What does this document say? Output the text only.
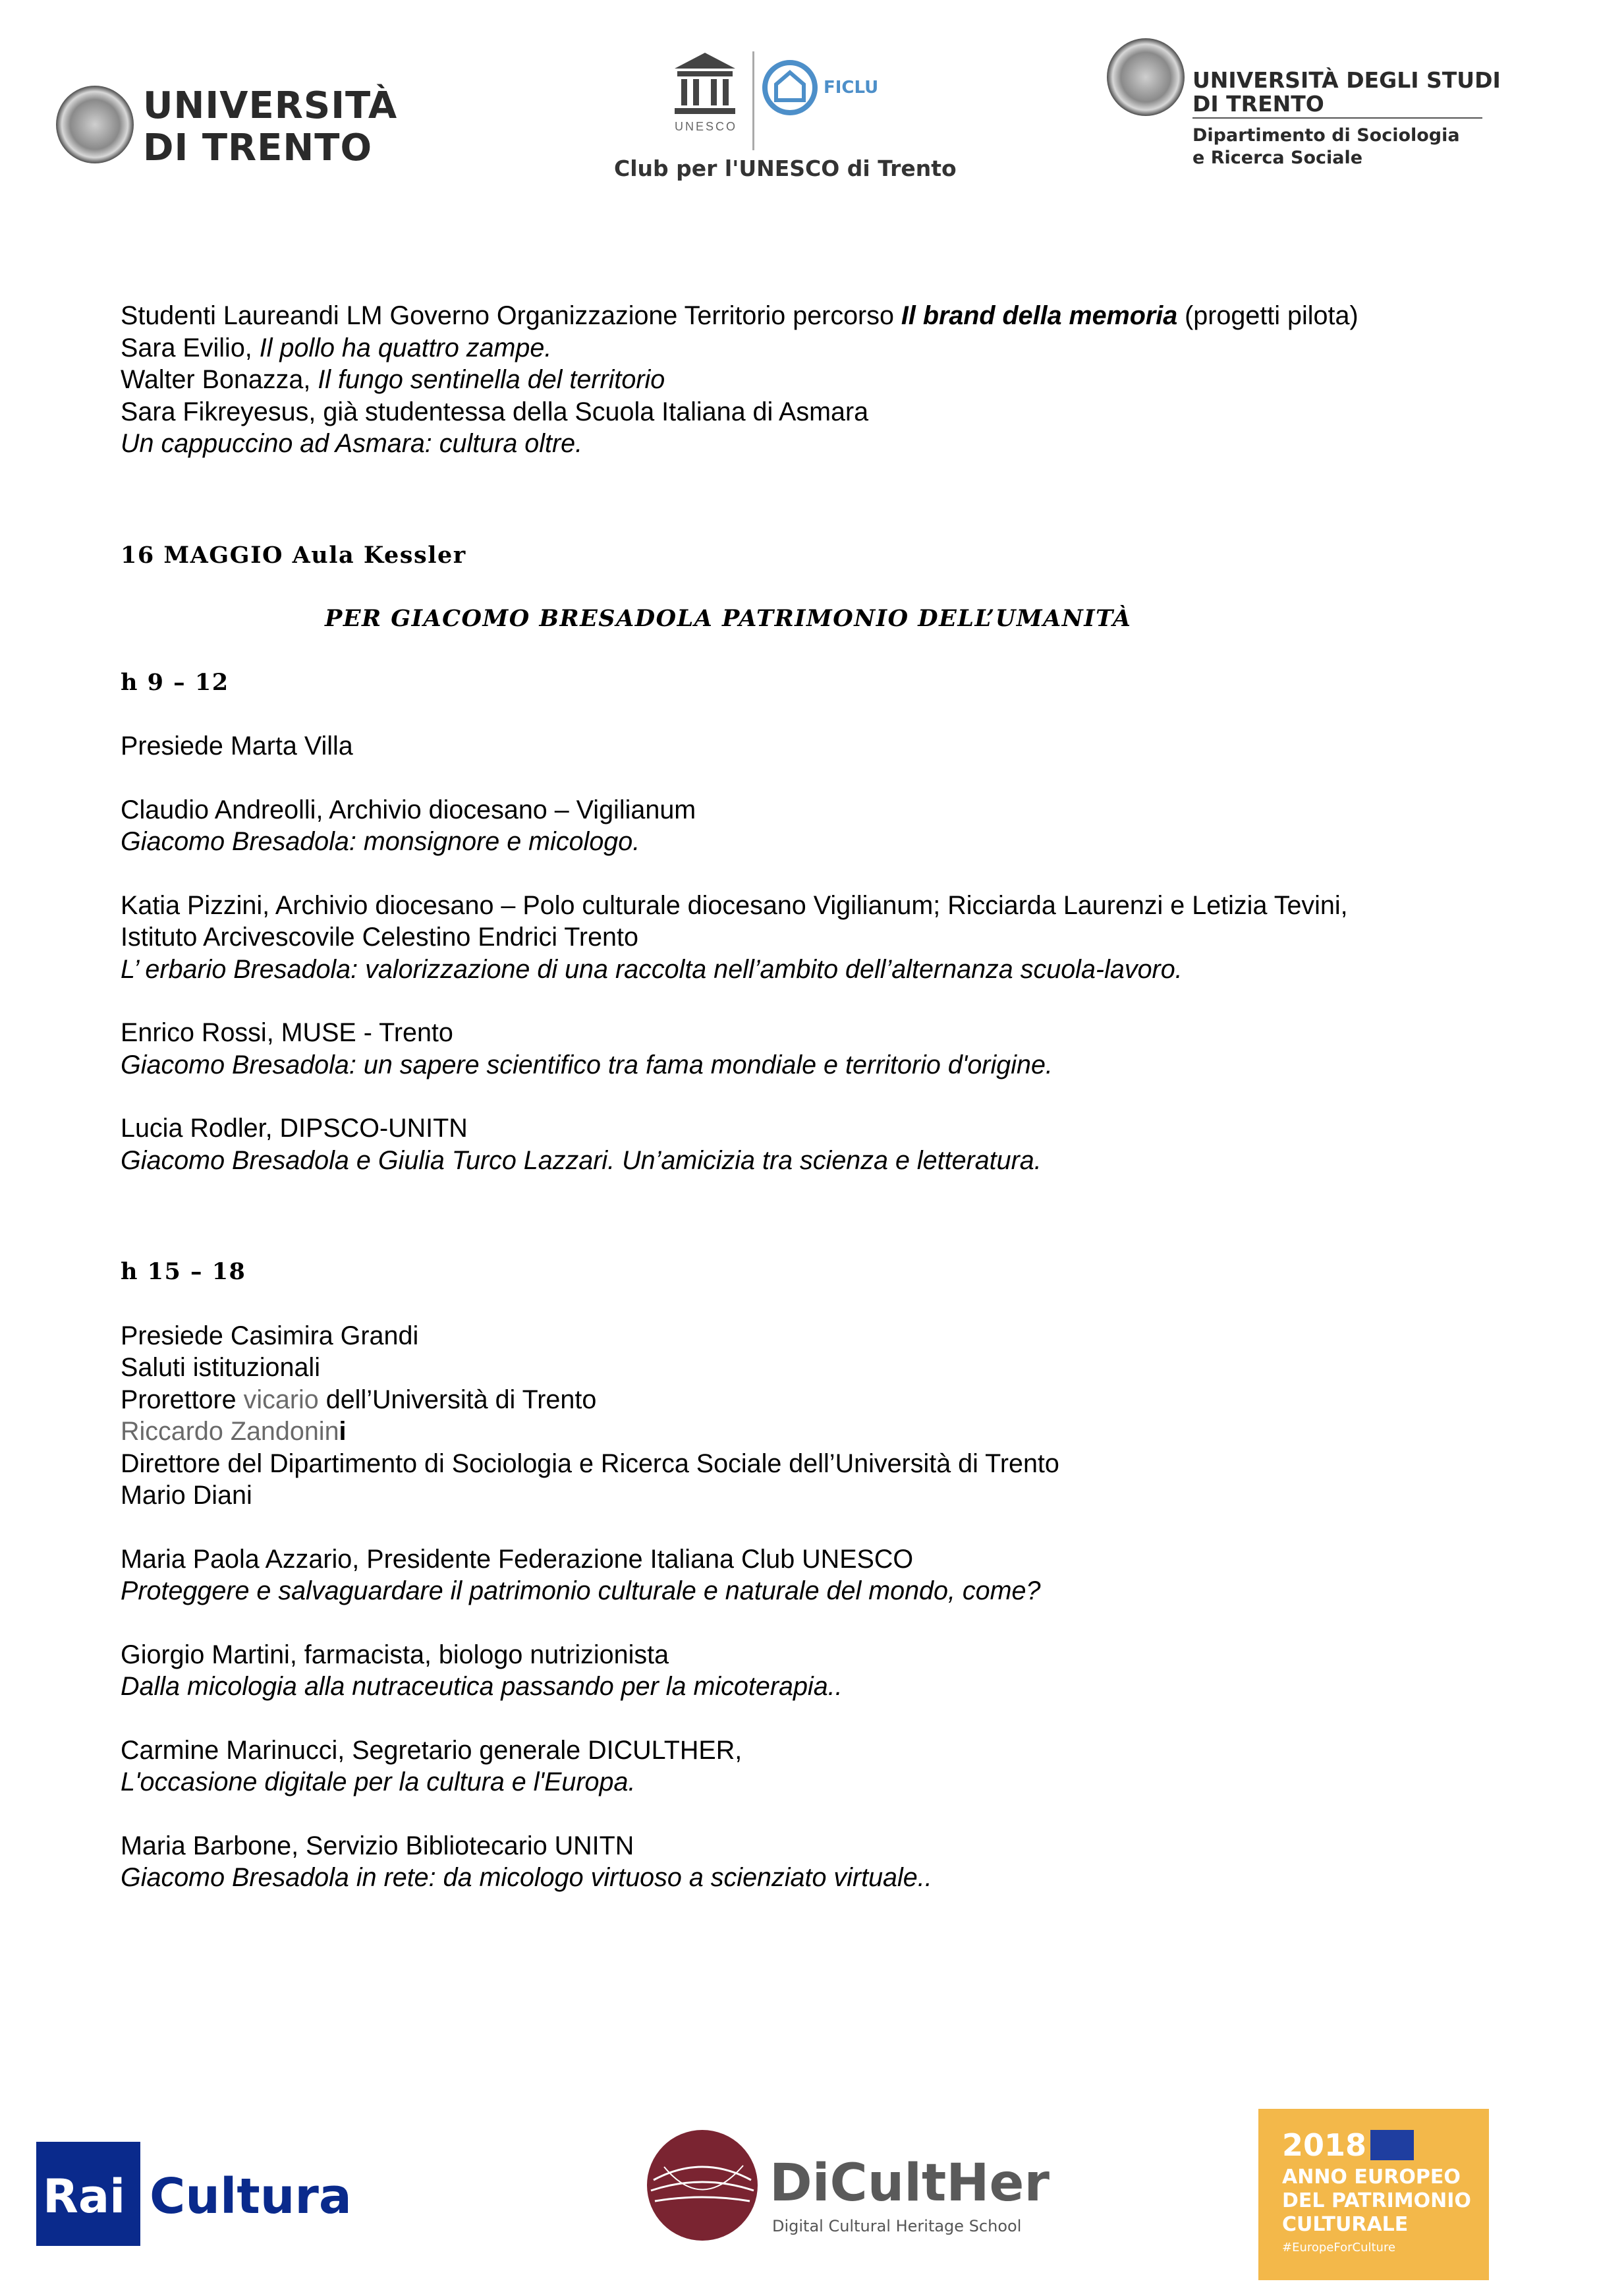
UNIVERSITÀ
DI TRENTO
FICLU
UNESCO
Club per l'UNESCO di Trento
UNIVERSITÀ DEGLI STUDI
DI TRENTO
Dipartimento di Sociologia
e Ricerca Sociale
Studenti Laureandi LM Governo Organizzazione Territorio percorso Il brand della memoria (progetti pilota)
Sara Evilio, Il pollo ha quattro zampe.
Walter Bonazza, Il fungo sentinella del territorio
Sara Fikreyesus, già studentessa della Scuola Italiana di Asmara
Un cappuccino ad Asmara: cultura oltre.
16 MAGGIO Aula Kessler
PER GIACOMO BRESADOLA PATRIMONIO DELL’UMANITÀ
h 9 – 12
Presiede Marta Villa
Claudio Andreolli, Archivio diocesano – Vigilianum
Giacomo Bresadola: monsignore e micologo.
Katia Pizzini, Archivio diocesano – Polo culturale diocesano Vigilianum; Ricciarda Laurenzi e Letizia Tevini,
Istituto Arcivescovile Celestino Endrici Trento
L’ erbario Bresadola: valorizzazione di una raccolta nell’ambito dell’alternanza scuola-lavoro.
Enrico Rossi, MUSE - Trento
Giacomo Bresadola: un sapere scientifico tra fama mondiale e territorio d'origine.
Lucia Rodler, DIPSCO-UNITN
Giacomo Bresadola e Giulia Turco Lazzari. Un’amicizia tra scienza e letteratura.
h 15 – 18
Presiede Casimira Grandi
Saluti istituzionali
Prorettore vicario dell’Università di Trento
Riccardo Zandonini
Direttore del Dipartimento di Sociologia e Ricerca Sociale dell’Università di Trento
Mario Diani
Maria Paola Azzario, Presidente Federazione Italiana Club UNESCO
Proteggere e salvaguardare il patrimonio culturale e naturale del mondo, come?
Giorgio Martini, farmacista, biologo nutrizionista
Dalla micologia alla nutraceutica passando per la micoterapia..
Carmine Marinucci, Segretario generale DICULTHER,
L'occasione digitale per la cultura e l'Europa.
Maria Barbone, Servizio Bibliotecario UNITN
Giacomo Bresadola in rete: da micologo virtuoso a scienziato virtuale..
Rai Cultura	DiCultHer
Digital Cultural Heritage School
2018
ANNO EUROPEO
DEL PATRIMONIO
CULTURALE
#EuropeForCulture
